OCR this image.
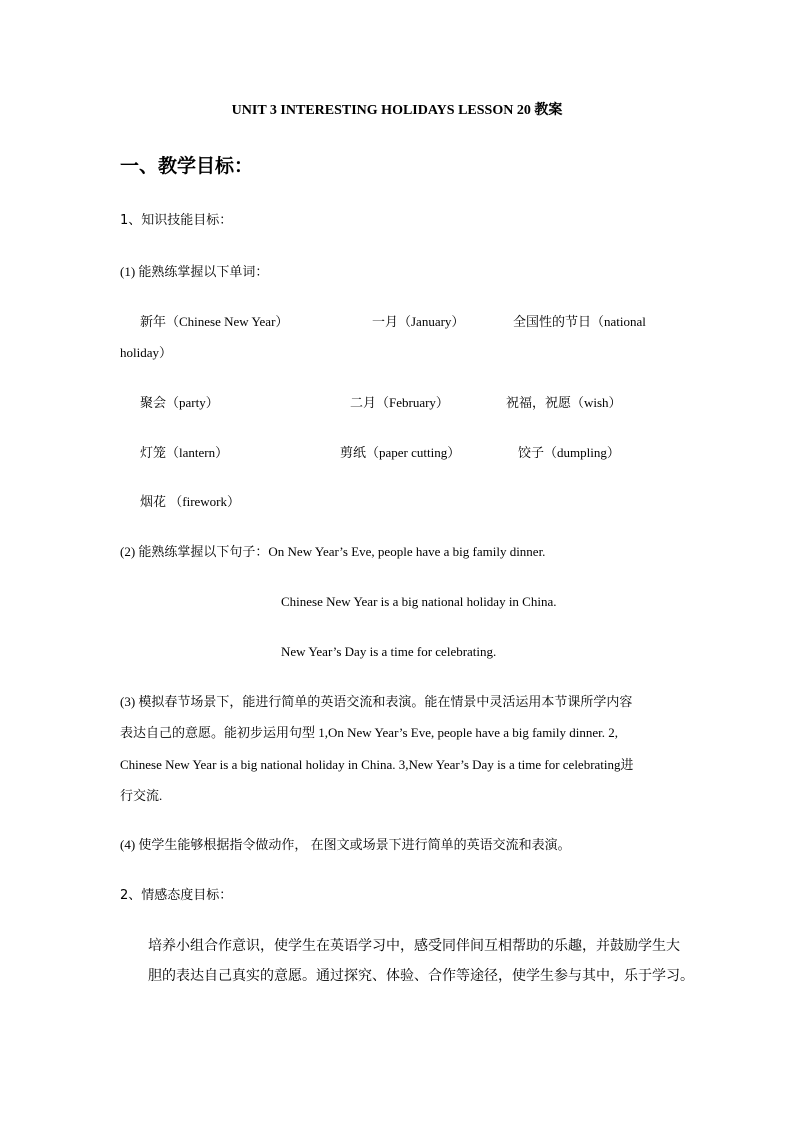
UNIT 3 INTERESTING HOLIDAYS LESSON 20 教案
一、教学目标：
1、知识技能目标：
(1) 能熟练掌握以下单词：
新年（Chinese New Year）	一月（January）	全国性的节日（national
holiday）
聚会（party）	二月（February）	祝福，祝愿（wish）
灯笼（lantern）	剪纸（paper cutting）	饺子（dumpling）
烟花 （firework）
(2) 能熟练掌握以下句子：On New Year’s Eve, people have a big family dinner.
Chinese New Year is a big national holiday in China.
New Year’s Day is a time for celebrating.
(3) 模拟春节场景下，能进行简单的英语交流和表演。能在情景中灵活运用本节课所学内容
表达自己的意愿。能初步运用句型 1,On New Year’s Eve, people have a big family dinner. 2,
Chinese New Year is a big national holiday in China. 3,New Year’s Day is a time for celebrating进
行交流.
(4) 使学生能够根据指令做动作， 在图文或场景下进行简单的英语交流和表演。
2、情感态度目标：
培养小组合作意识，使学生在英语学习中，感受同伴间互相帮助的乐趣，并鼓励学生大
胆的表达自己真实的意愿。通过探究、体验、合作等途径，使学生参与其中，乐于学习。
